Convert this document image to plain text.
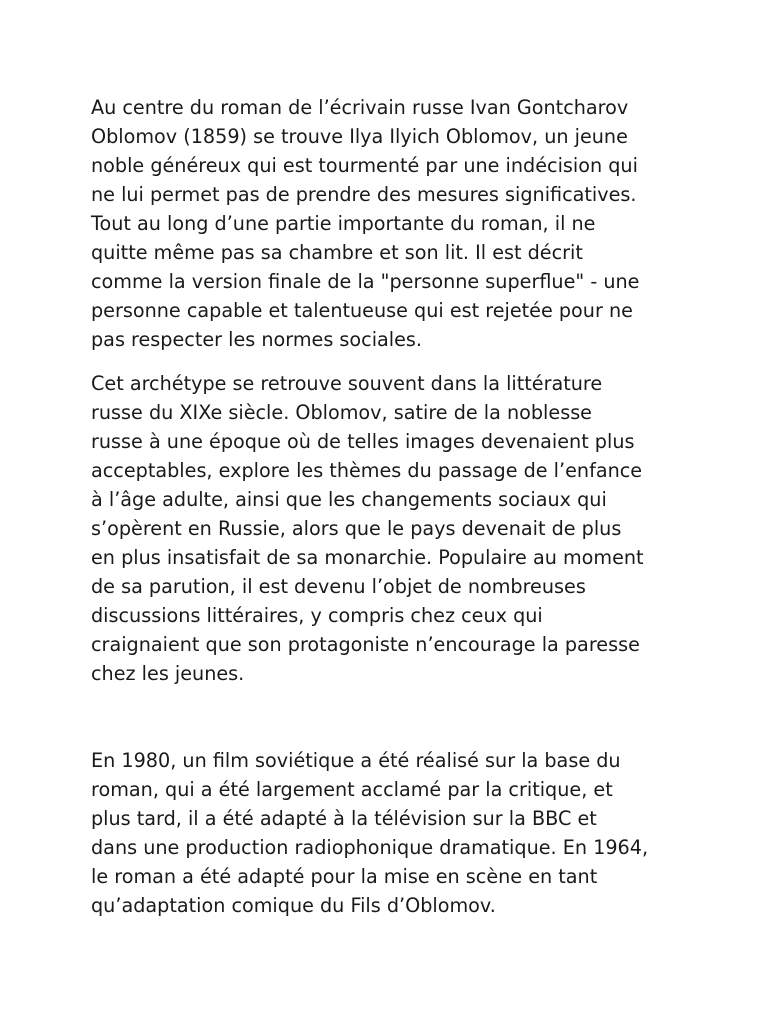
Au centre du roman de l’écrivain russe Ivan Gontcharov
Oblomov (1859) se trouve Ilya Ilyich Oblomov, un jeune
noble généreux qui est tourmenté par une indécision qui
ne lui permet pas de prendre des mesures significatives.
Tout au long d’une partie importante du roman, il ne
quitte même pas sa chambre et son lit. Il est décrit
comme la version finale de la "personne superflue" - une
personne capable et talentueuse qui est rejetée pour ne
pas respecter les normes sociales.

Cet archétype se retrouve souvent dans la littérature
russe du XIXe siècle. Oblomov, satire de la noblesse
russe à une époque où de telles images devenaient plus
acceptables, explore les thèmes du passage de l’enfance
à l’âge adulte, ainsi que les changements sociaux qui
s’opèrent en Russie, alors que le pays devenait de plus
en plus insatisfait de sa monarchie. Populaire au moment
de sa parution, il est devenu l’objet de nombreuses
discussions littéraires, y compris chez ceux qui
craignaient que son protagoniste n’encourage la paresse
chez les jeunes.

En 1980, un film soviétique a été réalisé sur la base du
roman, qui a été largement acclamé par la critique, et
plus tard, il a été adapté à la télévision sur la BBC et
dans une production radiophonique dramatique. En 1964,
le roman a été adapté pour la mise en scène en tant
qu’adaptation comique du Fils d’Oblomov.
